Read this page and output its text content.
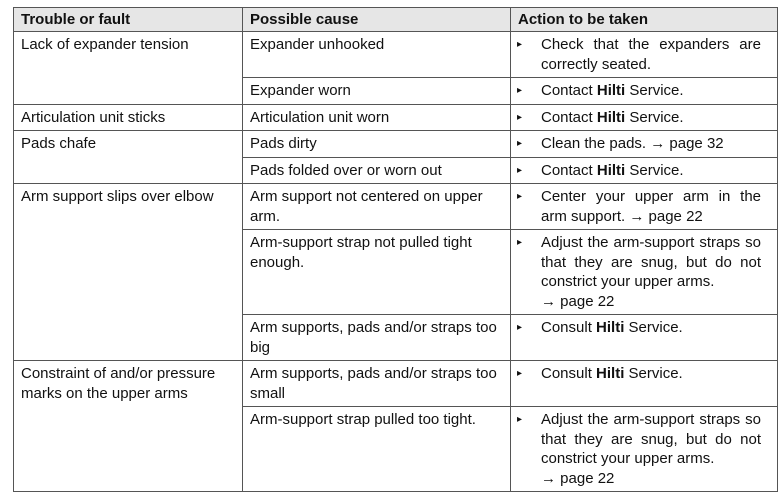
Trouble or fault	Possible cause	Action to be taken
Lack of expander tension	Expander unhooked	▸ Check that the expanders are correctly seated.
	Expander worn	▸ Contact Hilti Service.
Articulation unit sticks	Articulation unit worn	▸ Contact Hilti Service.
Pads chafe	Pads dirty	▸ Clean the pads. → page 32
	Pads folded over or worn out	▸ Contact Hilti Service.
Arm support slips over elbow	Arm support not centered on upper arm.	▸ Center your upper arm in the arm support. → page 22
	Arm-support strap not pulled tight enough.	▸ Adjust the arm-support straps so that they are snug, but do not constrict your upper arms.
→ page 22
	Arm supports, pads and/or straps too big	▸ Consult Hilti Service.
Constraint of and/or pressure marks on the upper arms	Arm supports, pads and/or straps too small	▸ Consult Hilti Service.
	Arm-support strap pulled too tight.	▸ Adjust the arm-support straps so that they are snug, but do not constrict your upper arms.
→ page 22
